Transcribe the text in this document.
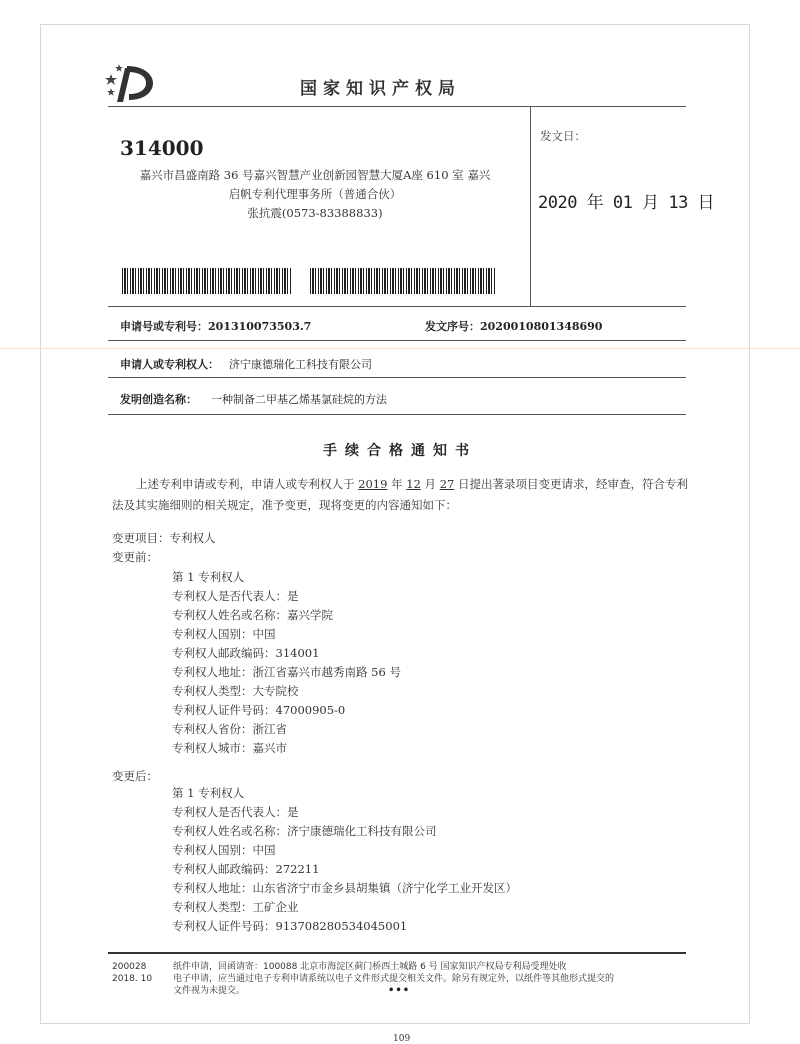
国家知识产权局
314000
嘉兴市昌盛南路 36 号嘉兴智慧产业创新园智慧大厦A座 610 室 嘉兴
启帆专利代理事务所（普通合伙）
张抗震(0573-83388833)
发文日：
2020 年 01 月 13 日
申请号或专利号：201310073503.7	发文序号：2020010801348690
申请人或专利权人： 济宁康德瑞化工科技有限公司
发明创造名称： 一种制备二甲基乙烯基氯硅烷的方法
手续合格通知书
上述专利申请或专利，申请人或专利权人于 2019 年 12 月 27 日提出著录项目变更请求，经审查，符合专利法及其实施细则的相关规定，准予变更，现将变更的内容通知如下：
变更项目：专利权人
变更前：
第 1 专利权人
专利权人是否代表人：是
专利权人姓名或名称：嘉兴学院
专利权人国别：中国
专利权人邮政编码：314001
专利权人地址：浙江省嘉兴市越秀南路 56 号
专利权人类型：大专院校
专利权人证件号码：47000905-0
专利权人省份：浙江省
专利权人城市：嘉兴市
变更后：
第 1 专利权人
专利权人是否代表人：是
专利权人姓名或名称：济宁康德瑞化工科技有限公司
专利权人国别：中国
专利权人邮政编码：272211
专利权人地址：山东省济宁市金乡县胡集镇（济宁化学工业开发区）
专利权人类型：工矿企业
专利权人证件号码：913708280534045001
200028
2018. 10
纸件申请，回函请寄：100088 北京市海淀区蓟门桥西土城路 6 号 国家知识产权局专利局受理处收
电子申请，应当通过电子专利申请系统以电子文件形式提交相关文件。除另有规定外，以纸件等其他形式提交的
文件视为未提交。	•••
109
